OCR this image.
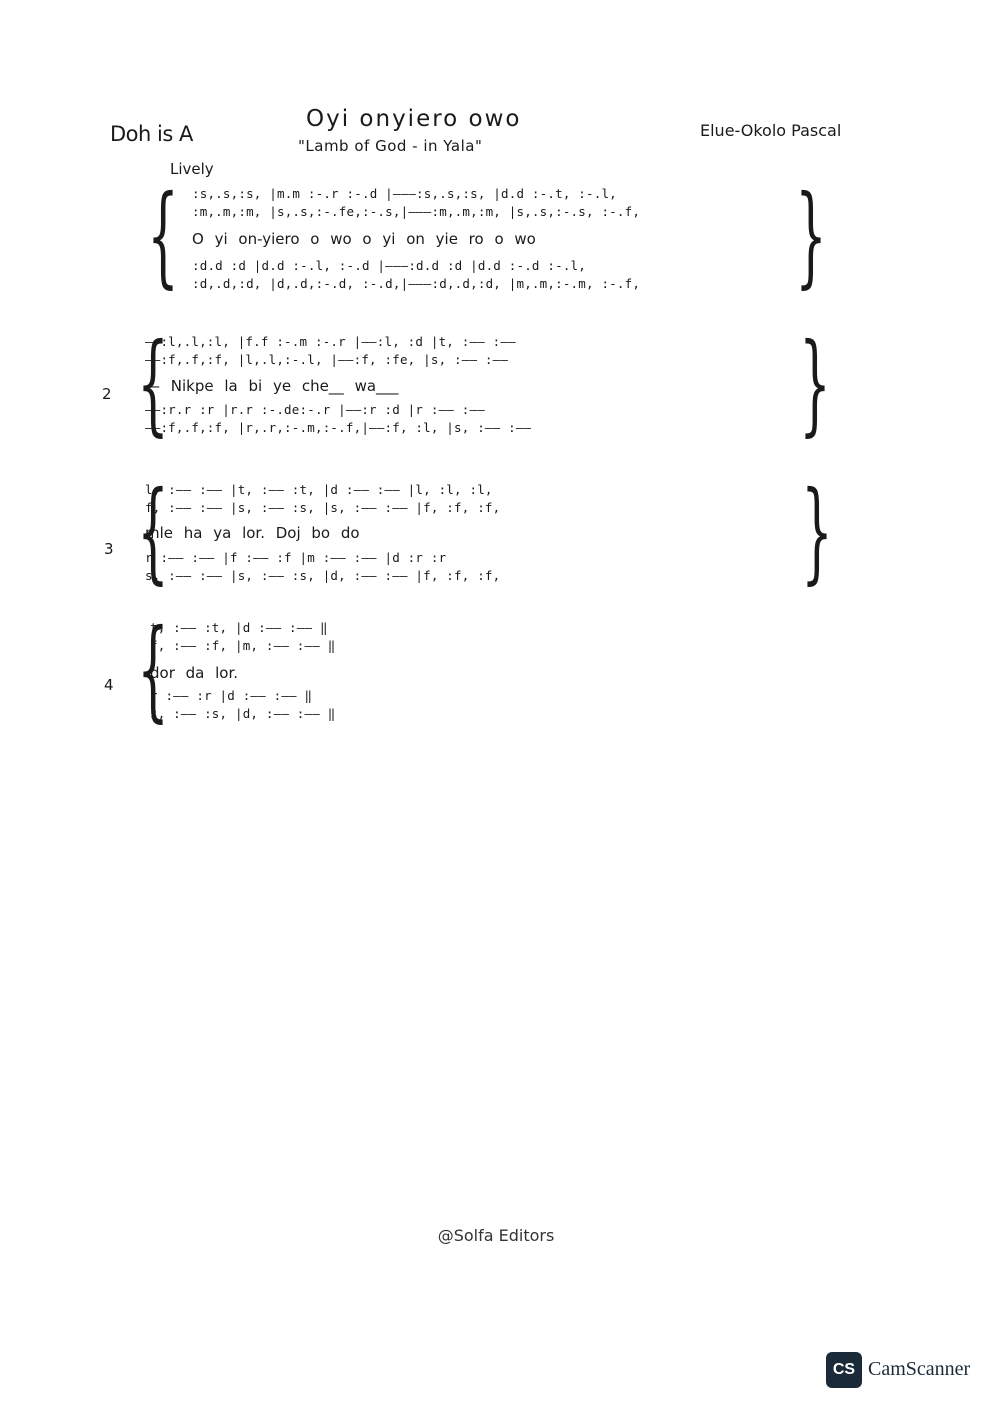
Doh is A
Lively
Oyi onyiero owo
"Lamb of God - in Yala"
Elue-Okolo Pascal
:s,.s,:s, |m.m :-.r :-.d |———:s,.s,:s, |d.d :-.t, :-.l,
:m,.m,:m, |s,.s,:-.fe,:-.s,|———:m,.m,:m, |s,.s,:-.s, :-.f,
O yi on-yiero o wo o yi on yie ro o wo
:d.d :d |d.d :-.l, :-.d |———:d.d :d |d.d :-.d :-.l,
:d,.d,:d, |d,.d,:-.d, :-.d,|———:d,.d,:d, |m,.m,:-.m, :-.f,
{	}
2
——:l,.l,:l, |f.f :-.m :-.r |——:l, :d |t, :—— :——
——:f,.f,:f, |l,.l,:-.l, |——:f, :fe, |s, :—— :——
— Nikpe la bi ye che__ wa___
——:r.r :r |r.r :-.de:-.r |——:r :d |r :—— :——
——:f,.f,:f, |r,.r,:-.m,:-.f,|——:f, :l, |s, :—— :——
{	}
3
l, :—— :—— |t, :—— :t, |d :—— :—— |l, :l, :l,
f, :—— :—— |s, :—— :s, |s, :—— :—— |f, :f, :f,
mle ha ya lor. Doj bo do
r :—— :—— |f :—— :f |m :—— :—— |d :r :r
s, :—— :—— |s, :—— :s, |d, :—— :—— |f, :f, :f,
{	}
4
t, :—— :t, |d :—— :—— ‖
f, :—— :f, |m, :—— :—— ‖
dor da lor.
r :—— :r |d :—— :—— ‖
s, :—— :s, |d, :—— :—— ‖
{
@Solfa Editors
CS CamScanner
